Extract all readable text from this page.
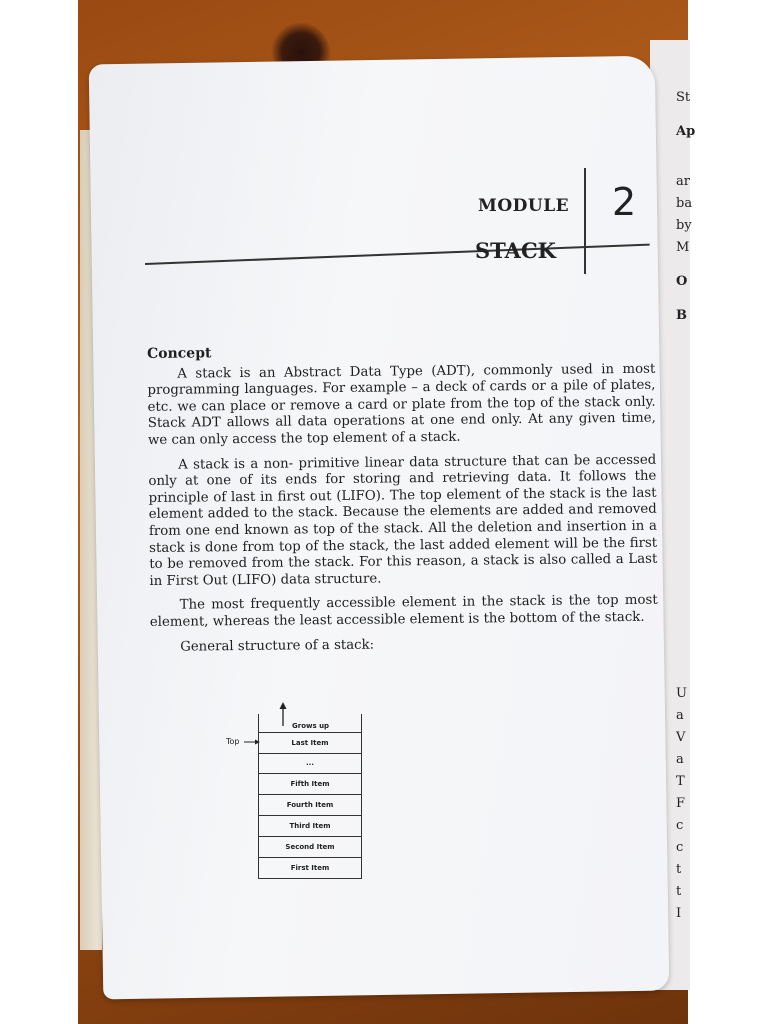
St
Ap
ar
ba
by
M
O
B
U
a
V
a
T
F
c
c
t
t
I
MODULE 2
STACK
Concept

A stack is an Abstract Data Type (ADT), commonly used in most programming languages. For example – a deck of cards or a pile of plates, etc. we can place or remove a card or plate from the top of the stack only. Stack ADT allows all data operations at one end only. At any given time, we can only access the top element of a stack.

A stack is a non- primitive linear data structure that can be accessed only at one of its ends for storing and retrieving data. It follows the principle of last in first out (LIFO). The top element of the stack is the last element added to the stack. Because the elements are added and removed from one end known as top of the stack. All the deletion and insertion in a stack is done from top of the stack, the last added element will be the first to be removed from the stack. For this reason, a stack is also called a Last in First Out (LIFO) data structure.

The most frequently accessible element in the stack is the top most element, whereas the least accessible element is the bottom of the stack.

General structure of a stack:

Grows up
Top	Last Item
...
Fifth Item
Fourth Item
Third Item
Second Item
First Item
